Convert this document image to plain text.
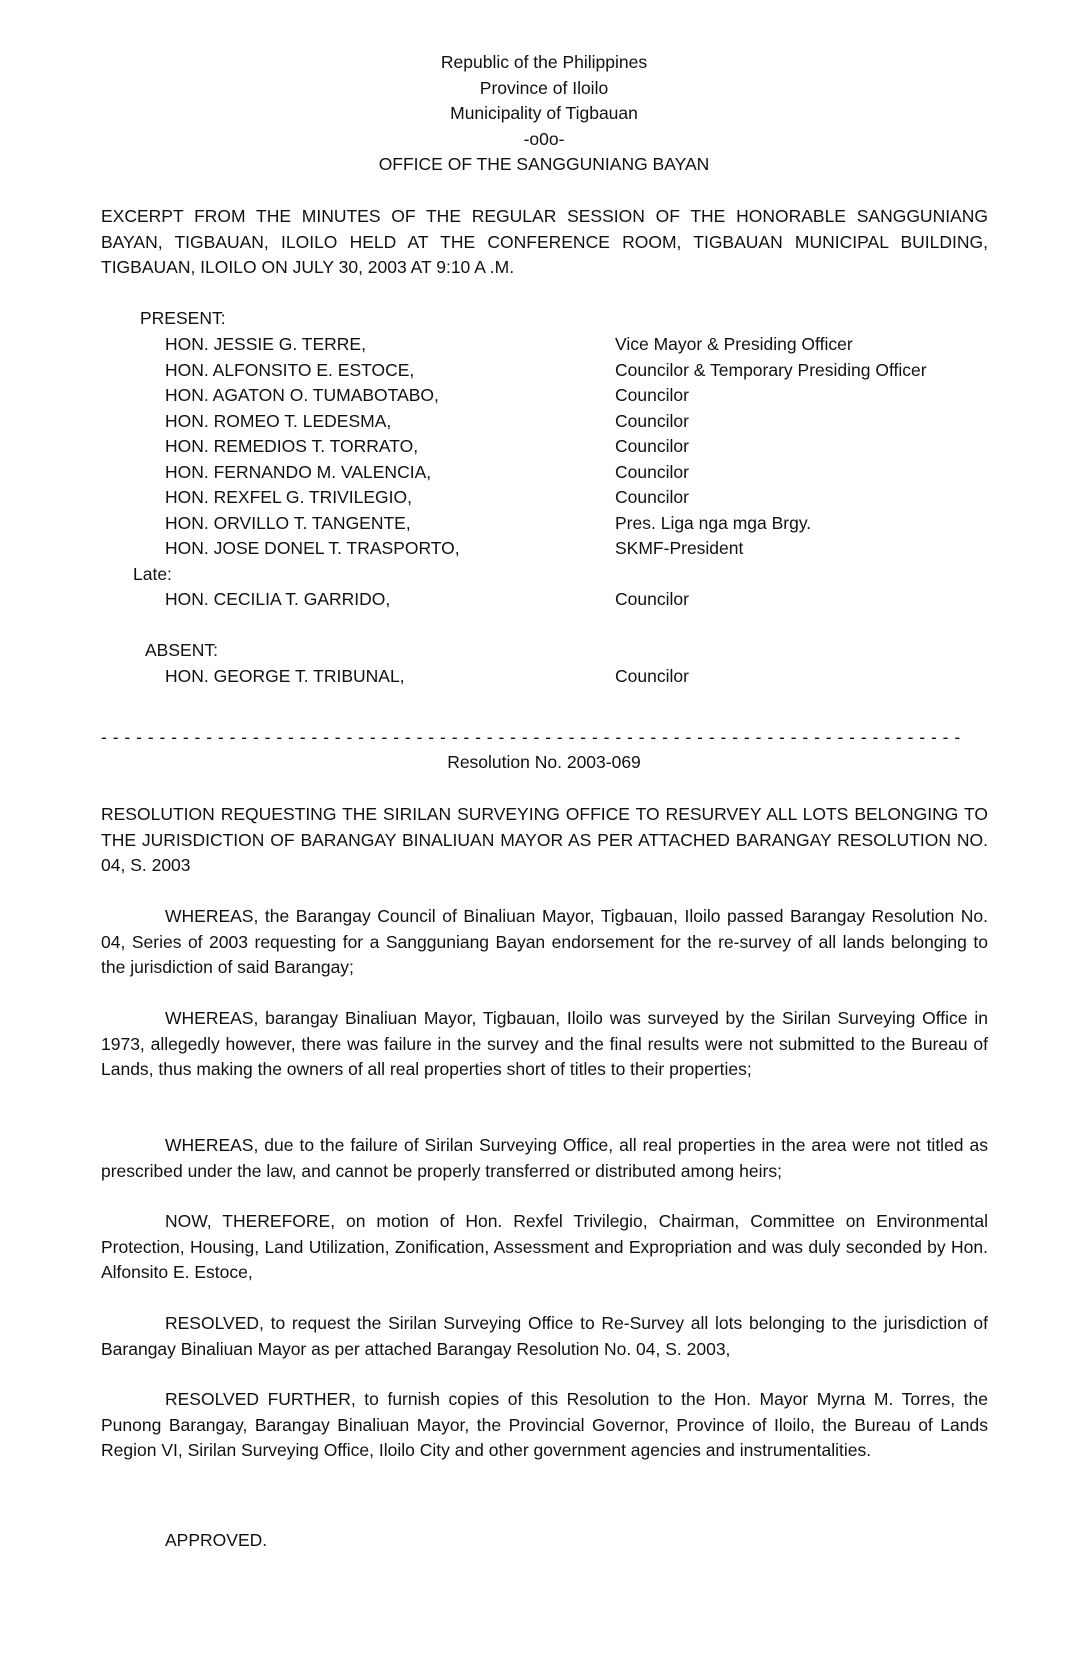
Republic of the Philippines
Province of Iloilo
Municipality of Tigbauan
-o0o-
OFFICE OF THE SANGGUNIANG BAYAN
EXCERPT FROM THE MINUTES OF THE REGULAR SESSION OF THE HONORABLE SANGGUNIANG BAYAN, TIGBAUAN, ILOILO HELD AT THE CONFERENCE ROOM, TIGBAUAN MUNICIPAL BUILDING, TIGBAUAN, ILOILO ON JULY 30, 2003 AT 9:10 A .M.
PRESENT:
HON. JESSIE G. TERRE,	Vice Mayor & Presiding Officer
HON. ALFONSITO E. ESTOCE,	Councilor & Temporary Presiding Officer
HON. AGATON O. TUMABOTABO,	Councilor
HON. ROMEO T. LEDESMA,	Councilor
HON. REMEDIOS T. TORRATO,	Councilor
HON. FERNANDO M. VALENCIA,	Councilor
HON. REXFEL G. TRIVILEGIO,	Councilor
HON. ORVILLO T. TANGENTE,	Pres. Liga nga mga Brgy.
HON. JOSE DONEL T. TRASPORTO,	SKMF-President
Late:
HON. CECILIA T. GARRIDO,	Councilor
ABSENT:
HON. GEORGE T. TRIBUNAL,	Councilor
- - - - - - - - - - - - - - - - - - - - - - - - - - - - - - - - - - - - - - - - - - - - - - - - - - - - - - - - - - - - - - - - - - - - - - - - - -
Resolution No. 2003-069
RESOLUTION REQUESTING THE SIRILAN SURVEYING OFFICE TO RESURVEY ALL LOTS BELONGING TO THE JURISDICTION OF BARANGAY BINALIUAN MAYOR AS PER ATTACHED BARANGAY RESOLUTION NO. 04, S. 2003
WHEREAS, the Barangay Council of Binaliuan Mayor, Tigbauan, Iloilo passed Barangay Resolution No. 04, Series of 2003 requesting for a Sangguniang Bayan endorsement for the re-survey of all lands belonging to the jurisdiction of said Barangay;
WHEREAS, barangay Binaliuan Mayor, Tigbauan, Iloilo was surveyed by the Sirilan Surveying Office in 1973, allegedly however, there was failure in the survey and the final results were not submitted to the Bureau of Lands, thus making the owners of all real properties short of titles to their properties;
WHEREAS, due to the failure of Sirilan Surveying Office, all real properties in the area were not titled as prescribed under the law, and cannot be properly transferred or distributed among heirs;
NOW, THEREFORE, on motion of Hon. Rexfel Trivilegio, Chairman, Committee on Environmental Protection, Housing, Land Utilization, Zonification, Assessment and Expropriation and was duly seconded by Hon. Alfonsito E. Estoce,
RESOLVED, to request the Sirilan Surveying Office to Re-Survey all lots belonging to the jurisdiction of Barangay Binaliuan Mayor as per attached Barangay Resolution No. 04, S. 2003,
RESOLVED FURTHER, to furnish copies of this Resolution to the Hon. Mayor Myrna M. Torres, the Punong Barangay, Barangay Binaliuan Mayor, the Provincial Governor, Province of Iloilo, the Bureau of Lands Region VI, Sirilan Surveying Office, Iloilo City and other government agencies and instrumentalities.
APPROVED.
